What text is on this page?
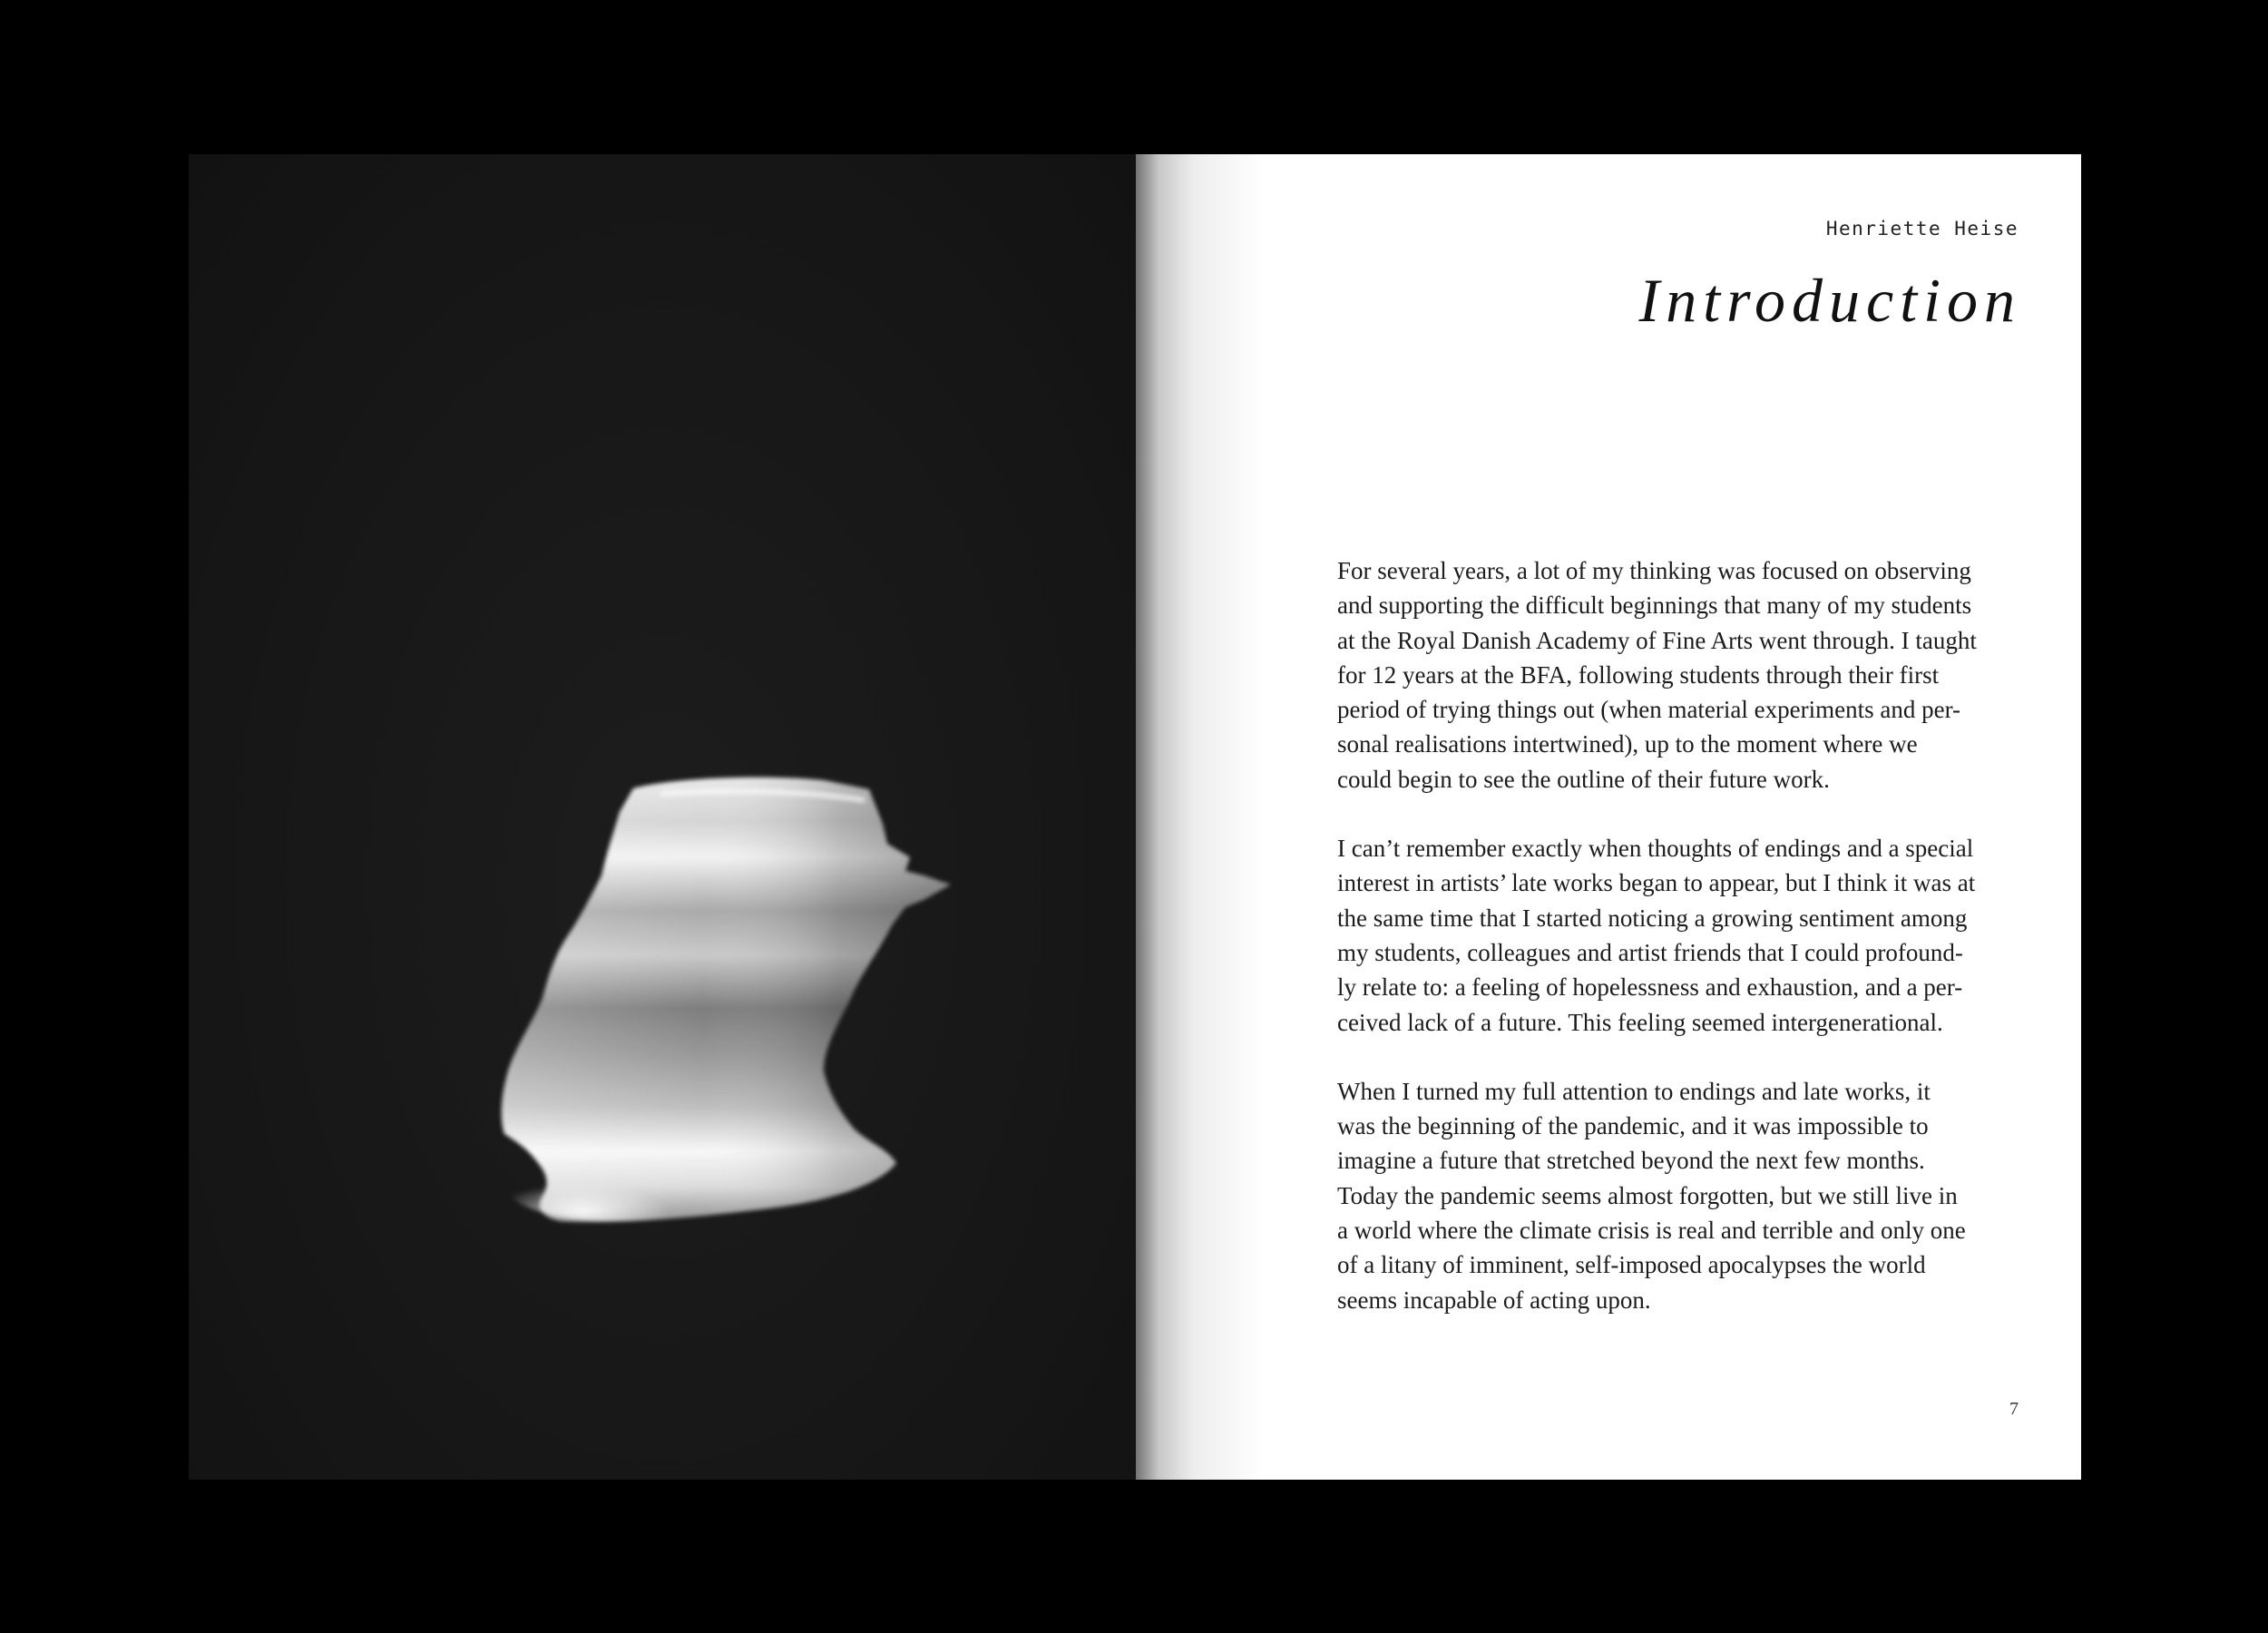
Henriette Heise
Introduction

For several years, a lot of my thinking was focused on observing
and supporting the difficult beginnings that many of my students
at the Royal Danish Academy of Fine Arts went through. I taught
for 12 years at the BFA, following students through their first
period of trying things out (when material experiments and per-
sonal realisations intertwined), up to the moment where we
could begin to see the outline of their future work.

I can’t remember exactly when thoughts of endings and a special
interest in artists’ late works began to appear, but I think it was at
the same time that I started noticing a growing sentiment among
my students, colleagues and artist friends that I could profound-
ly relate to: a feeling of hopelessness and exhaustion, and a per-
ceived lack of a future. This feeling seemed intergenerational.

When I turned my full attention to endings and late works, it
was the beginning of the pandemic, and it was impossible to
imagine a future that stretched beyond the next few months.
Today the pandemic seems almost forgotten, but we still live in
a world where the climate crisis is real and terrible and only one
of a litany of imminent, self-imposed apocalypses the world
seems incapable of acting upon.

7
